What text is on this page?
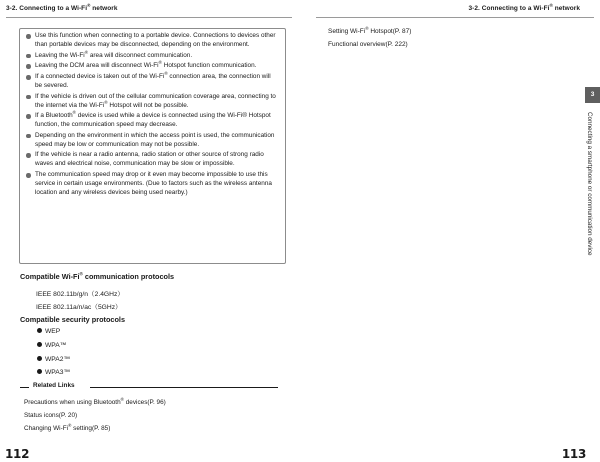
3-2. Connecting to a Wi-Fi® network
Use this function when connecting to a portable device. Connections to devices other than portable devices may be disconnected, depending on the environment.
Leaving the Wi-Fi® area will disconnect communication.
Leaving the DCM area will disconnect Wi-Fi® Hotspot function communication.
If a connected device is taken out of the Wi-Fi® connection area, the connection will be severed.
If the vehicle is driven out of the cellular communication coverage area, connecting to the internet via the Wi-Fi® Hotspot will not be possible.
If a Bluetooth® device is used while a device is connected using the Wi-Fi® Hotspot function, the communication speed may decrease.
Depending on the environment in which the access point is used, the communication speed may be low or communication may not be possible.
If the vehicle is near a radio antenna, radio station or other source of strong radio waves and electrical noise, communication may be slow or impossible.
The communication speed may drop or it even may become impossible to use this service in certain usage environments. (Due to factors such as the wireless antenna location and any wireless devices being used nearby.)
Compatible Wi-Fi® communication protocols
IEEE 802.11b/g/n（2.4GHz）
IEEE 802.11a/n/ac（5GHz）
Compatible security protocols
WEP
WPA™
WPA2™
WPA3™
Related Links
Precautions when using Bluetooth® devices(P. 96)
Status icons(P. 20)
Changing Wi-Fi® setting(P. 85)
112
3-2. Connecting to a Wi-Fi® network
Setting Wi-Fi® Hotspot(P. 87)
Functional overview(P. 222)
113
3
Connecting a smartphone or communication device
